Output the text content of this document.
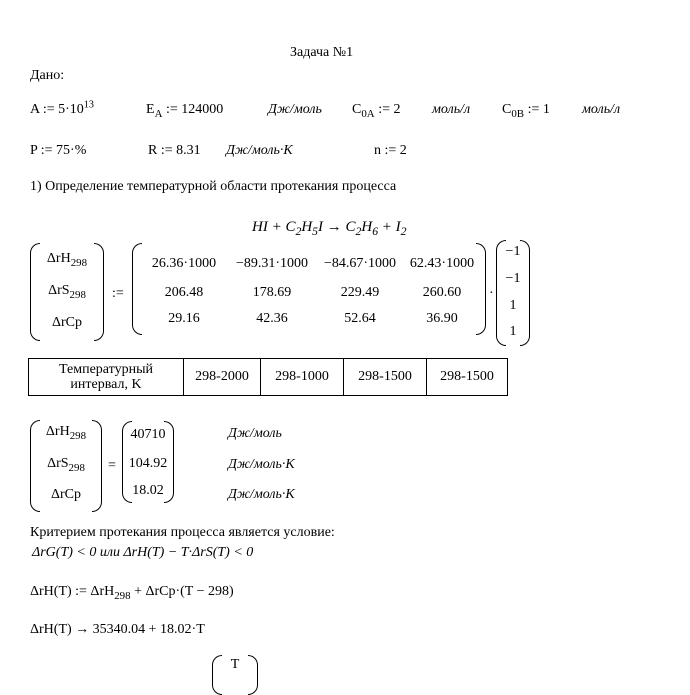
Задача №1
Дано:
A := $5\cdot 10^{13}$	$E_A$ := 124000	Дж/моль $C_{0A}$ := 2 моль/л $C_{0B}$ := 1 моль/л
P := 75·%	R := 8.31 Дж/моль·K	n := 2
1) Определение температурной области протекания процесса
HI + $C_2H_5I \to C_2H_6 + I_2$
ΔrH$_{298}$
ΔrS$_{298}$
ΔrCp
:=
26.36·1000	−89.31·1000	−84.67·1000 62.43·1000
206.48	178.69	229.49	260.60
29.16	42.36	52.64	36.90
·
−1
−1
1
1
Температурный
интервал, K	298-2000	298-1000	298-1500	298-1500
ΔrH$_{298}$
ΔrS$_{298}$
ΔrCp
=
40710
104.92
18.02
Дж/моль
Дж/моль·K
Дж/моль·K
Критерием протекания процесса является условие:
ΔrG(T) < 0 или ΔrH(T) − T·ΔrS(T) < 0
ΔrH(T) := ΔrH$_{298}$ + ΔrCp·(T − 298)
ΔrH(T) → 35340.04 + 18.02·T
T
